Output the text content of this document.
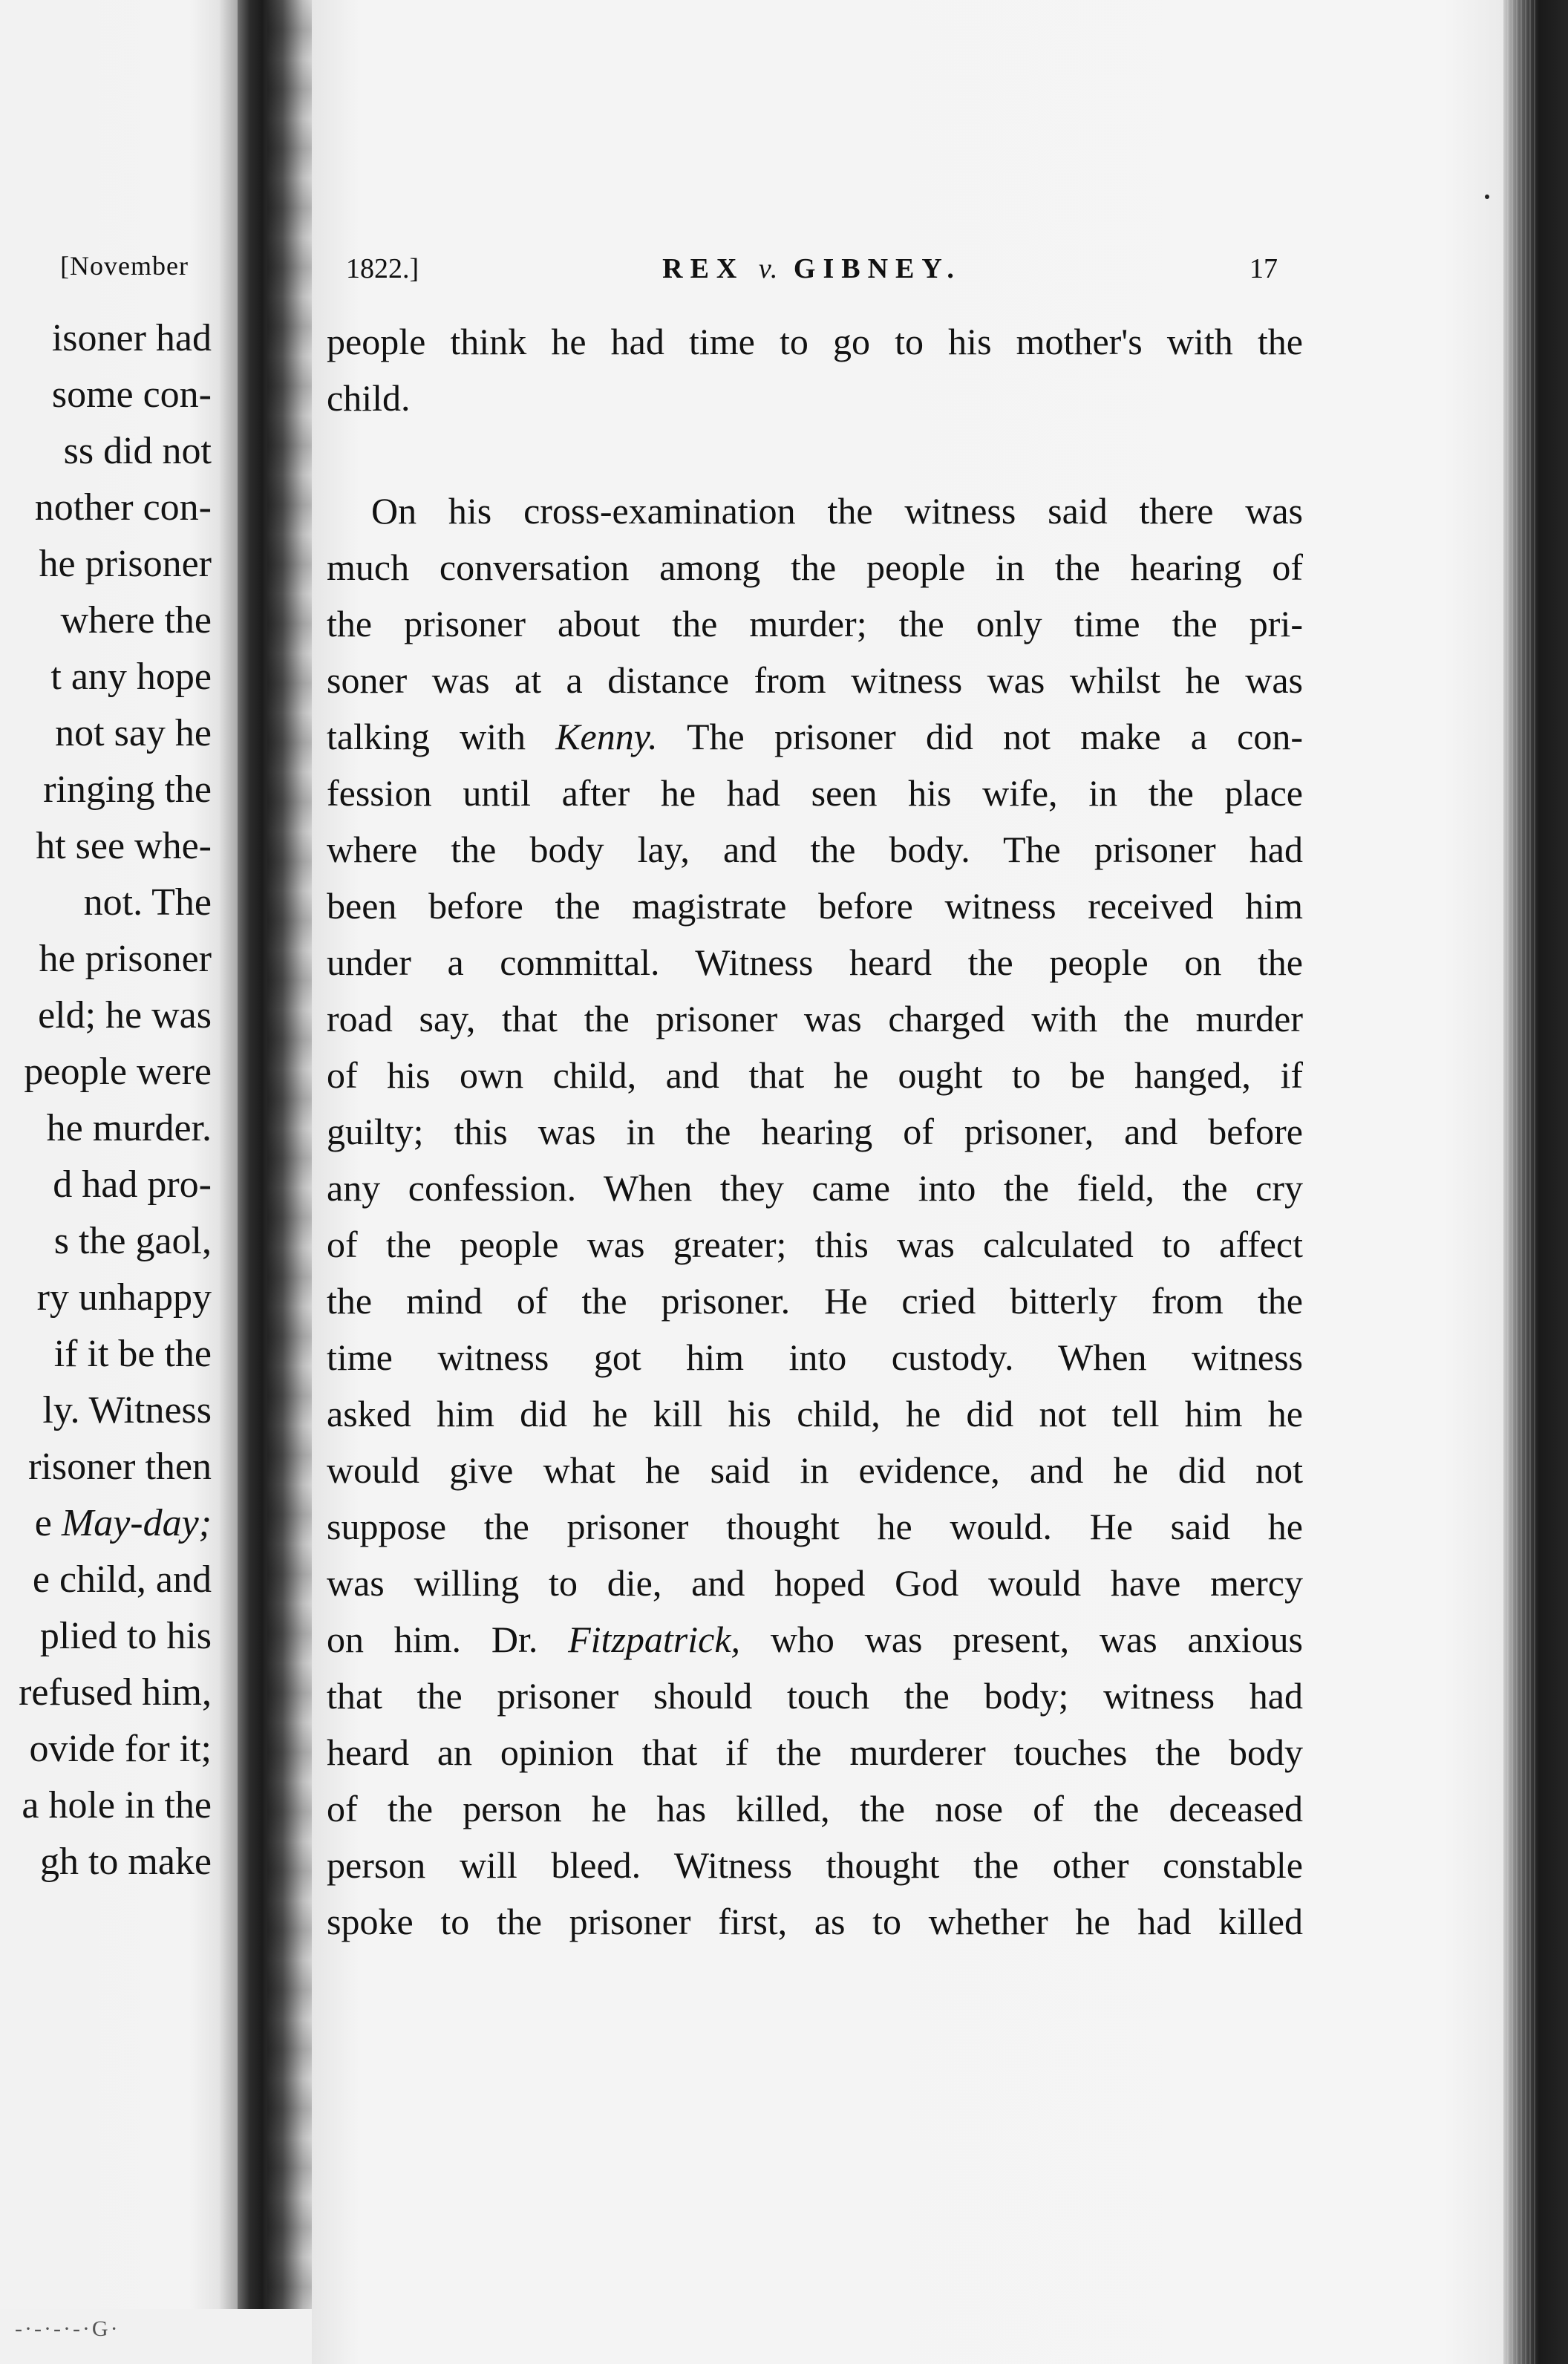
[November
isoner had
some con-
ss did not
nother con-
he prisoner
where the
t any hope
not say he
ringing the
ht see whe-
not. The
he prisoner
eld; he was
people were
he murder.
d had pro-
s the gaol,
ry unhappy
if it be the
ly. Witness
risoner then
e May-day;
e child, and
plied to his
refused him,
ovide for it;
a hole in the
gh to make
1822.]	REX v. GIBNEY.	17
people think he had time to go to his mother's with the
child.
On his cross-examination the witness said there was
much conversation among the people in the hearing of
the prisoner about the murder; the only time the pri-
soner was at a distance from witness was whilst he was
talking with Kenny. The prisoner did not make a con-
fession until after he had seen his wife, in the place
where the body lay, and the body. The prisoner had
been before the magistrate before witness received him
under a committal. Witness heard the people on the
road say, that the prisoner was charged with the murder
of his own child, and that he ought to be hanged, if
guilty; this was in the hearing of prisoner, and before
any confession. When they came into the field, the cry
of the people was greater; this was calculated to affect
the mind of the prisoner. He cried bitterly from the
time witness got him into custody. When witness
asked him did he kill his child, he did not tell him he
would give what he said in evidence, and he did not
suppose the prisoner thought he would. He said he
was willing to die, and hoped God would have mercy
on him. Dr. Fitzpatrick, who was present, was anxious
that the prisoner should touch the body; witness had
heard an opinion that if the murderer touches the body
of the person he has killed, the nose of the deceased
person will bleed. Witness thought the other constable
spoke to the prisoner first, as to whether he had killed
-·-·-·-·G·
